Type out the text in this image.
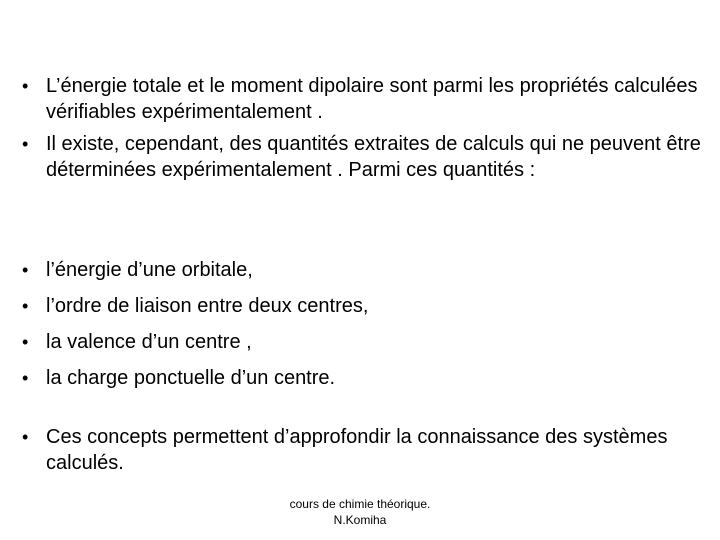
• L’énergie totale et le moment dipolaire sont parmi les propriétés calculées vérifiables expérimentalement .
• Il existe, cependant, des quantités extraites de calculs qui ne peuvent être déterminées expérimentalement . Parmi ces quantités :
• l’énergie d’une orbitale,
• l’ordre de liaison entre deux centres,
• la valence d’un centre ,
• la charge ponctuelle d’un centre.
• Ces concepts permettent d’approfondir la connaissance des systèmes calculés.
cours de chimie théorique.
N.Komiha
